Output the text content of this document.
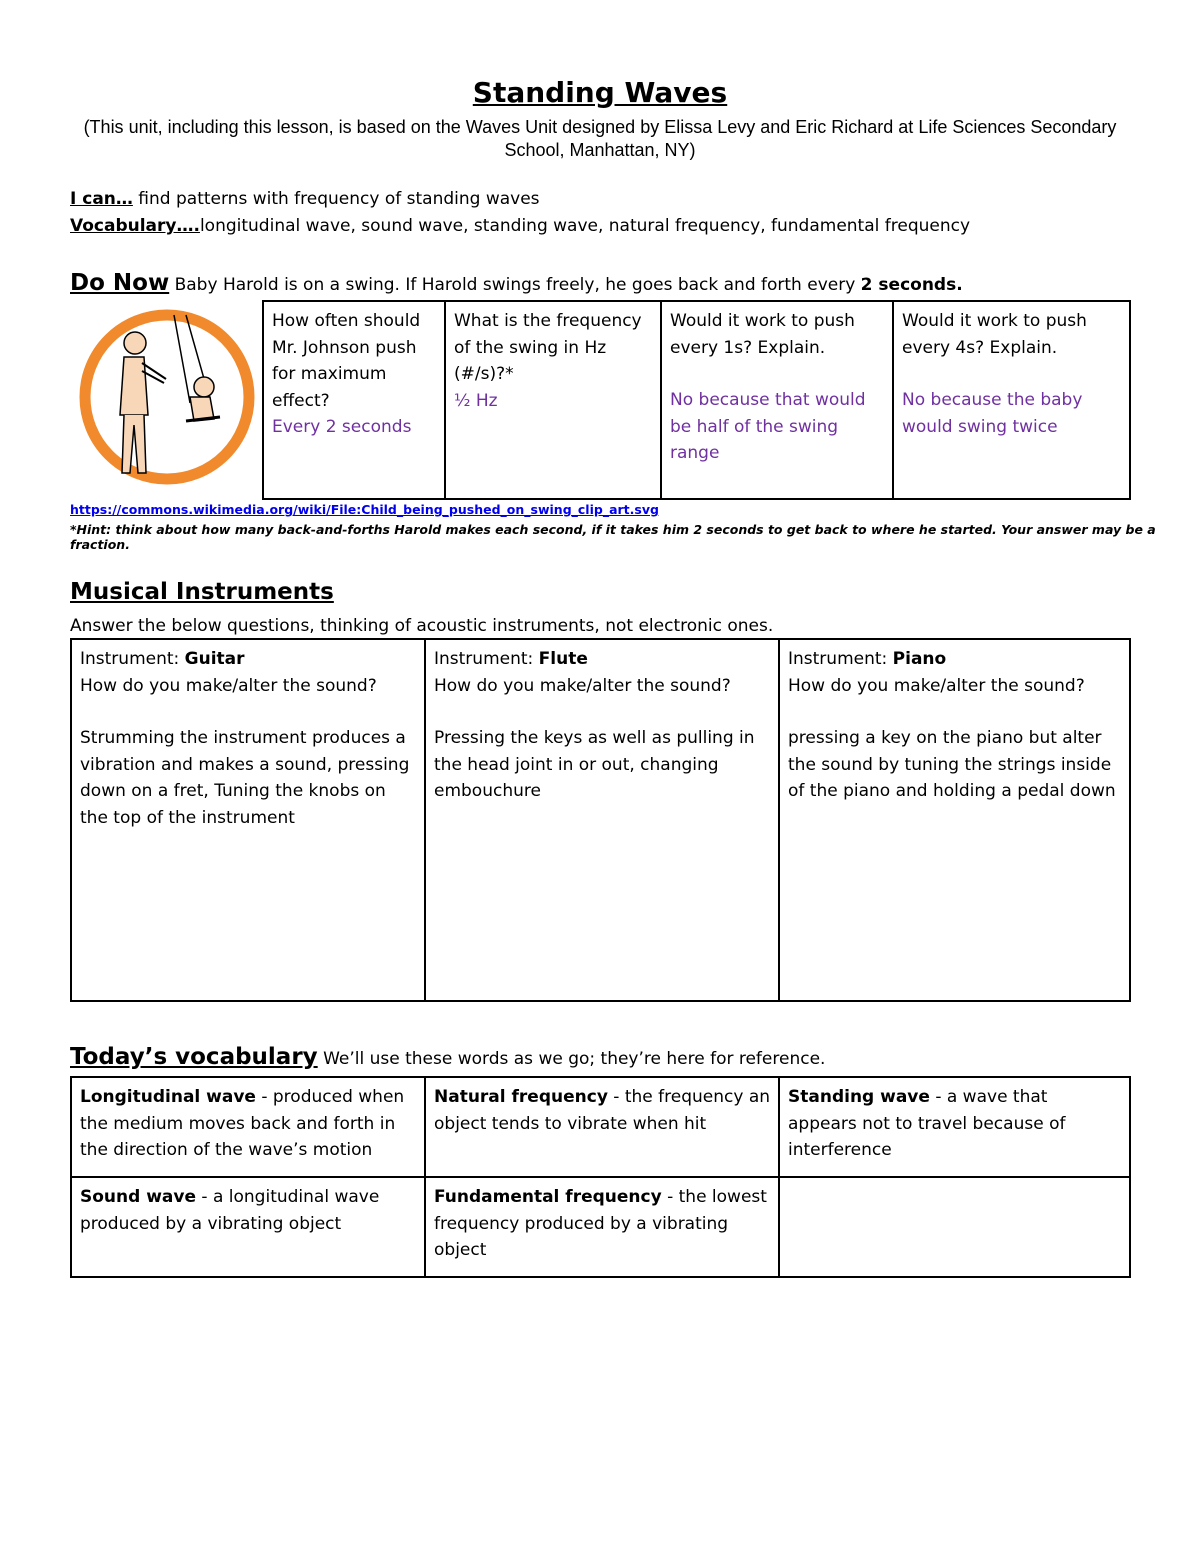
Standing Waves
(This unit, including this lesson, is based on the Waves Unit designed by Elissa Levy and Eric Richard at Life Sciences Secondary School, Manhattan, NY)
I can… find patterns with frequency of standing waves
Vocabulary….longitudinal wave, sound wave, standing wave, natural frequency, fundamental frequency
Do Now Baby Harold is on a swing. If Harold swings freely, he goes back and forth every 2 seconds.
How often should Mr. Johnson push for maximum effect?
Every 2 seconds

What is the frequency of the swing in Hz (#/s)?*
½ Hz

Would it work to push every 1s? Explain.
No because that would be half of the swing range

Would it work to push every 4s? Explain.
No because the baby would swing twice
https://commons.wikimedia.org/wiki/File:Child_being_pushed_on_swing_clip_art.svg
*Hint: think about how many back-and-forths Harold makes each second, if it takes him 2 seconds to get back to where he started. Your answer may be a fraction.
Musical Instruments
Answer the below questions, thinking of acoustic instruments, not electronic ones.
Instrument: Guitar
How do you make/alter the sound?
Strumming the instrument produces a vibration and makes a sound, pressing down on a fret, Tuning the knobs on the top of the instrument

Instrument: Flute
How do you make/alter the sound?
Pressing the keys as well as pulling in the head joint in or out, changing embouchure

Instrument: Piano
How do you make/alter the sound?
pressing a key on the piano but alter the sound by tuning the strings inside of the piano and holding a pedal down
Today’s vocabulary We’ll use these words as we go; they’re here for reference.
Longitudinal wave - produced when the medium moves back and forth in the direction of the wave’s motion	Natural frequency - the frequency an object tends to vibrate when hit	Standing wave - a wave that appears not to travel because of interference
Sound wave - a longitudinal wave produced by a vibrating object	Fundamental frequency - the lowest frequency produced by a vibrating object	
